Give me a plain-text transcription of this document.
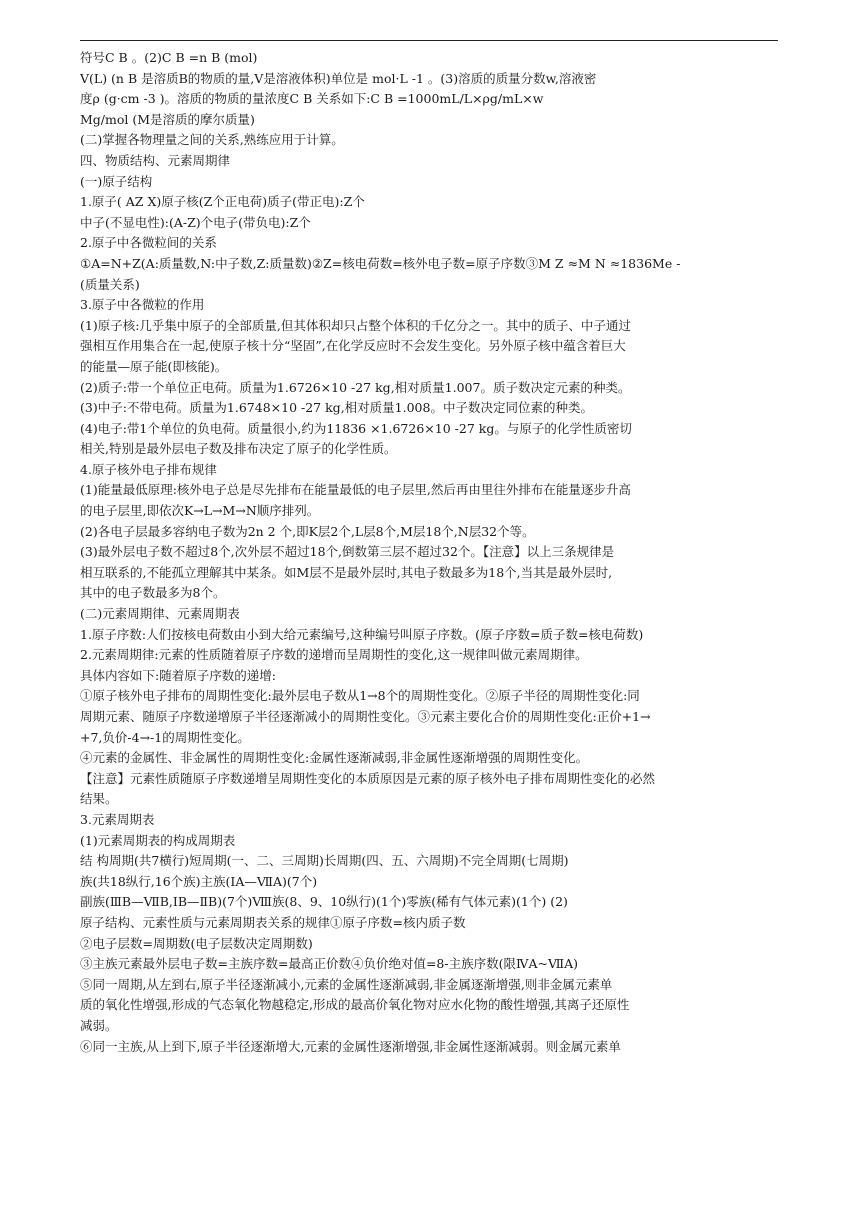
符号C B 。(2)C B =n B (mol)
V(L) (n B 是溶质B的物质的量,V是溶液体积)单位是 mol·L -1 。(3)溶质的质量分数w,溶液密
度ρ (g·cm -3 )。溶质的物质的量浓度C B 关系如下:C B =1000mL/L×ρg/mL×w
Mg/mol (M是溶质的摩尔质量)
(二)掌握各物理量之间的关系,熟练应用于计算。
四、物质结构、元素周期律
(一)原子结构
1.原子( AZ X)原子核(Z个正电荷)质子(带正电):Z个
中子(不显电性):(A-Z)个电子(带负电):Z个
2.原子中各微粒间的关系
①A=N+Z(A:质量数,N:中子数,Z:质量数)②Z=核电荷数=核外电子数=原子序数③M Z ≈M N ≈1836Me -
(质量关系)
3.原子中各微粒的作用
(1)原子核:几乎集中原子的全部质量,但其体积却只占整个体积的千亿分之一。其中的质子、中子通过
强相互作用集合在一起,使原子核十分“坚固”,在化学反应时不会发生变化。另外原子核中蕴含着巨大
的能量—原子能(即核能)。
(2)质子:带一个单位正电荷。质量为1.6726×10 -27 kg,相对质量1.007。质子数决定元素的种类。
(3)中子:不带电荷。质量为1.6748×10 -27 kg,相对质量1.008。中子数决定同位素的种类。
(4)电子:带1个单位的负电荷。质量很小,约为11836 ×1.6726×10 -27 kg。与原子的化学性质密切
相关,特别是最外层电子数及排布决定了原子的化学性质。
4.原子核外电子排布规律
(1)能量最低原理:核外电子总是尽先排布在能量最低的电子层里,然后再由里往外排布在能量逐步升高
的电子层里,即依次K→L→M→N顺序排列。
(2)各电子层最多容纳电子数为2n 2 个,即K层2个,L层8个,M层18个,N层32个等。
(3)最外层电子数不超过8个,次外层不超过18个,倒数第三层不超过32个。【注意】以上三条规律是
相互联系的,不能孤立理解其中某条。如M层不是最外层时,其电子数最多为18个,当其是最外层时,
其中的电子数最多为8个。
(二)元素周期律、元素周期表
1.原子序数:人们按核电荷数由小到大给元素编号,这种编号叫原子序数。(原子序数=质子数=核电荷数)
2.元素周期律:元素的性质随着原子序数的递增而呈周期性的变化,这一规律叫做元素周期律。
具体内容如下:随着原子序数的递增:
①原子核外电子排布的周期性变化:最外层电子数从1→8个的周期性变化。②原子半径的周期性变化:同
周期元素、随原子序数递增原子半径逐渐减小的周期性变化。③元素主要化合价的周期性变化:正价+1→
+7,负价-4→-1的周期性变化。
④元素的金属性、非金属性的周期性变化:金属性逐渐减弱,非金属性逐渐增强的周期性变化。
【注意】元素性质随原子序数递增呈周期性变化的本质原因是元素的原子核外电子排布周期性变化的必然
结果。
3.元素周期表
(1)元素周期表的构成周期表
结 构周期(共7横行)短周期(一、二、三周期)长周期(四、五、六周期)不完全周期(七周期)
族(共18纵行,16个族)主族(ⅠA—ⅦA)(7个)
副族(ⅢB—ⅦB,ⅠB—ⅡB)(7个)Ⅷ族(8、9、10纵行)(1个)零族(稀有气体元素)(1个) (2)
原子结构、元素性质与元素周期表关系的规律①原子序数=核内质子数
②电子层数=周期数(电子层数决定周期数)
③主族元素最外层电子数=主族序数=最高正价数④负价绝对值=8-主族序数(限ⅣA~ⅦA)
⑤同一周期,从左到右,原子半径逐渐减小,元素的金属性逐渐减弱,非金属逐渐增强,则非金属元素单
质的氧化性增强,形成的气态氧化物越稳定,形成的最高价氧化物对应水化物的酸性增强,其离子还原性
减弱。
⑥同一主族,从上到下,原子半径逐渐增大,元素的金属性逐渐增强,非金属性逐渐减弱。则金属元素单
